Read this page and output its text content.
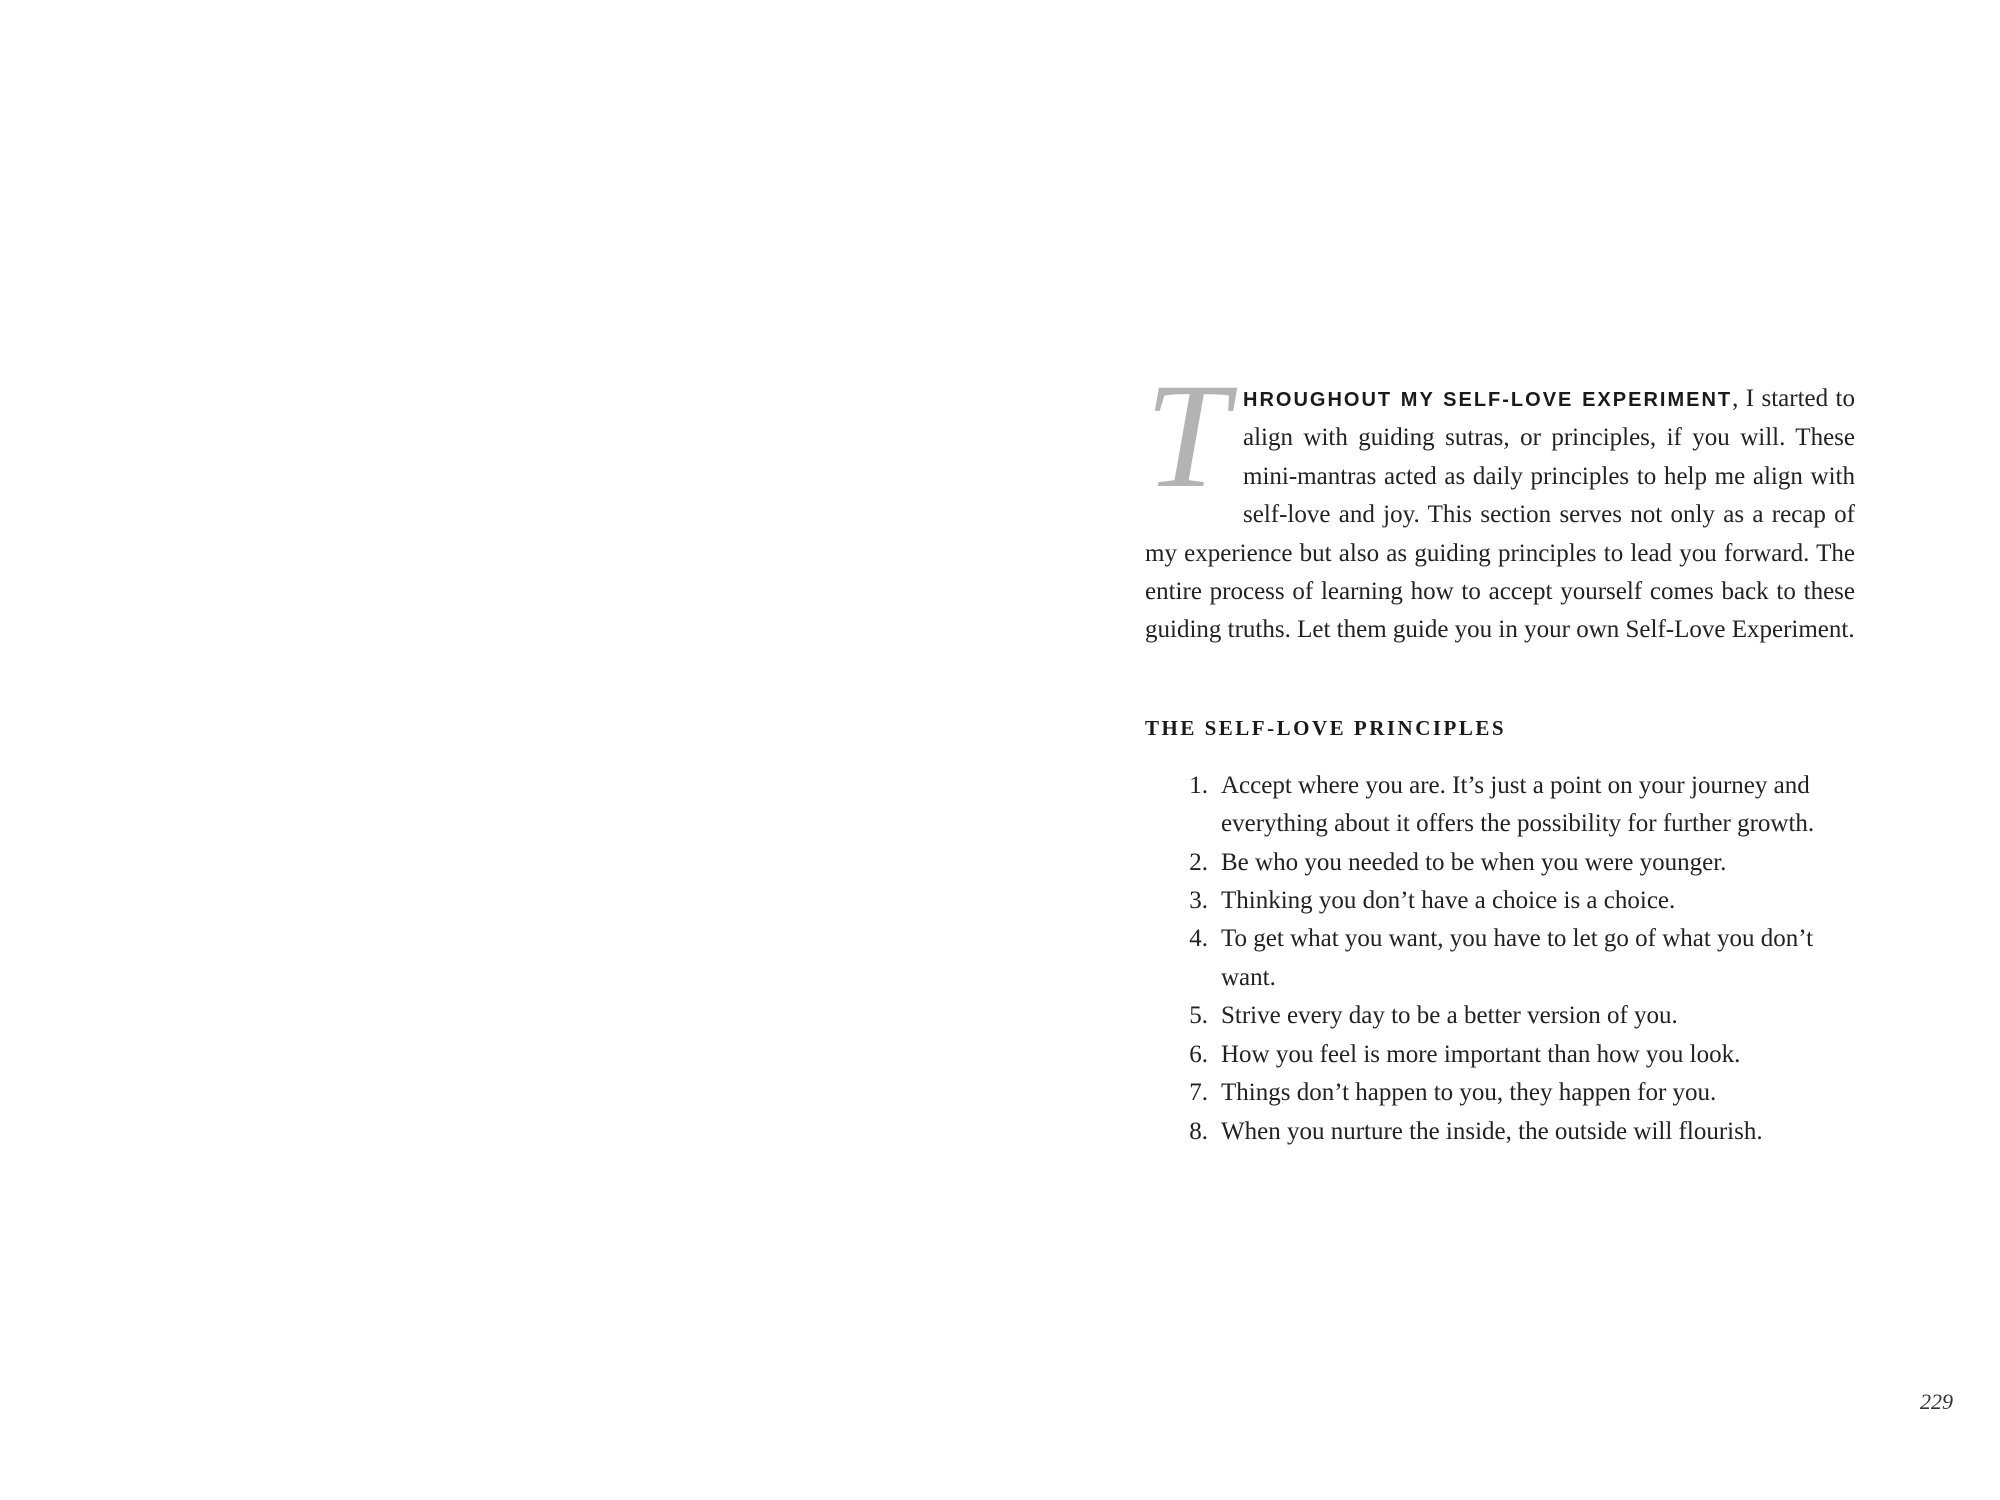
T HROUGHOUT MY SELF-LOVE EXPERIMENT, I started to align with guiding sutras, or principles, if you will. These mini-mantras acted as daily principles to help me align with self-love and joy. This section serves not only as a recap of my experience but also as guiding principles to lead you forward. The entire process of learning how to accept yourself comes back to these guiding truths. Let them guide you in your own Self-Love Experiment.

THE SELF-LOVE PRINCIPLES
1. Accept where you are. It’s just a point on your journey and everything about it offers the possibility for further growth.
2. Be who you needed to be when you were younger.
3. Thinking you don’t have a choice is a choice.
4. To get what you want, you have to let go of what you don’t want.
5. Strive every day to be a better version of you.
6. How you feel is more important than how you look.
7. Things don’t happen to you, they happen for you.
8. When you nurture the inside, the outside will flourish.
229
